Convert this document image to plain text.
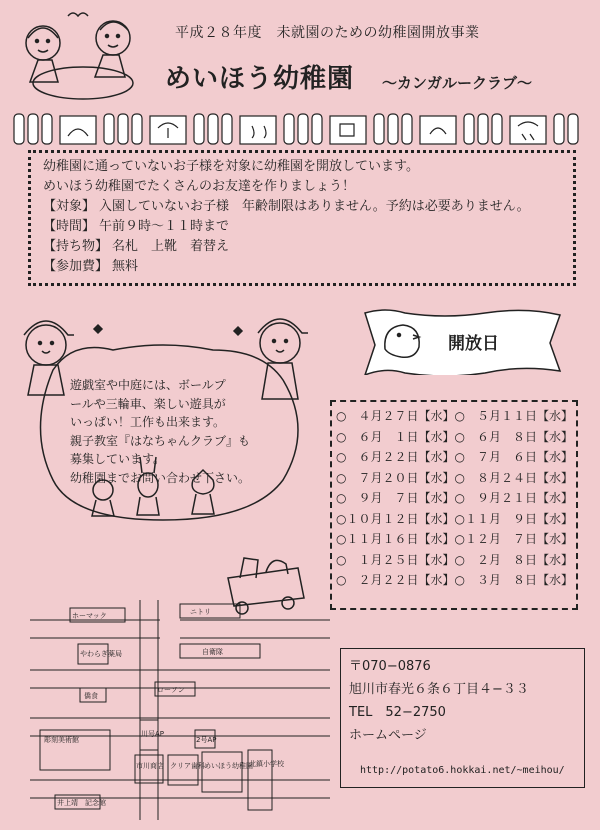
平成２８年度　未就園のための幼稚園開放事業
めいほう幼稚園 ～カンガルークラブ～
幼稚園に通っていないお子様を対象に幼稚園を開放しています。
めいほう幼稚園でたくさんのお友達を作りましょう！
【対象】 入園していないお子様　年齢制限はありません。予約は必要ありません。
【時間】 午前９時～１１時まで
【持ち物】 名札　上靴　着替え
【参加費】 無料
遊戯室や中庭には、ボールプ
ールや三輪車、楽しい遊具が
いっぱい！工作も出来ます。
親子教室『はなちゃんクラブ』も
募集しています。
幼稚園までお問い合わせ下さい。
開放日
○　４月２７日【水】 ○　５月１１日【水】
○　６月　１日【水】 ○　６月　８日【水】
○　６月２２日【水】 ○　７月　６日【水】
○　７月２０日【水】 ○　８月２４日【水】
○　９月　７日【水】 ○　９月２１日【水】
○１０月１２日【水】 ○１１月　９日【水】
○１１月１６日【水】 ○１２月　７日【水】
○　１月２５日【水】 ○　２月　８日【水】
○　２月２２日【水】 ○　３月　８日【水】
ホーマック	ニトリ
やわらぎ薬局	自衛隊
僑食
ローソン
川号AP
2号AP
彫刻美術館
市川商店 クリア歯科 めいほう幼稚園
北鎮小学校
井上靖　記念館
〒070−0876
旭川市春光６条６丁目４−３３
TEL　52−2750
ホームページ
http://potato6.hokkai.net/~meihou/
